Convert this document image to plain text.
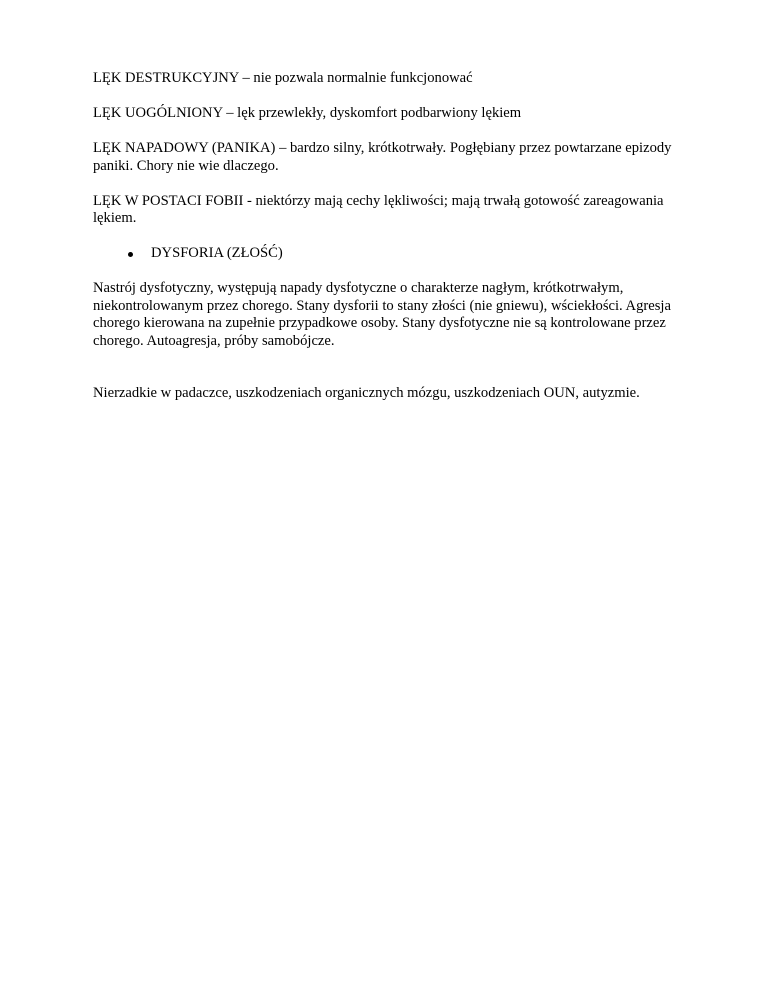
LĘK DESTRUKCYJNY – nie pozwala normalnie funkcjonować

LĘK UOGÓLNIONY – lęk przewlekły, dyskomfort podbarwiony lękiem

LĘK NAPADOWY (PANIKA) – bardzo silny, krótkotrwały. Pogłębiany przez powtarzane epizody paniki. Chory nie wie dlaczego.

LĘK W POSTACI FOBII - niektórzy mają cechy lękliwości; mają trwałą gotowość zareagowania lękiem.

DYSFORIA (ZŁOŚĆ)

Nastrój dysfotyczny, występują napady dysfotyczne o charakterze nagłym, krótkotrwałym, niekontrolowanym przez chorego. Stany dysforii to stany złości (nie gniewu), wściekłości. Agresja chorego kierowana na zupełnie przypadkowe osoby. Stany dysfotyczne nie są kontrolowane przez chorego. Autoagresja, próby samobójcze.

Nierzadkie w padaczce, uszkodzeniach organicznych mózgu, uszkodzeniach OUN, autyzmie.
